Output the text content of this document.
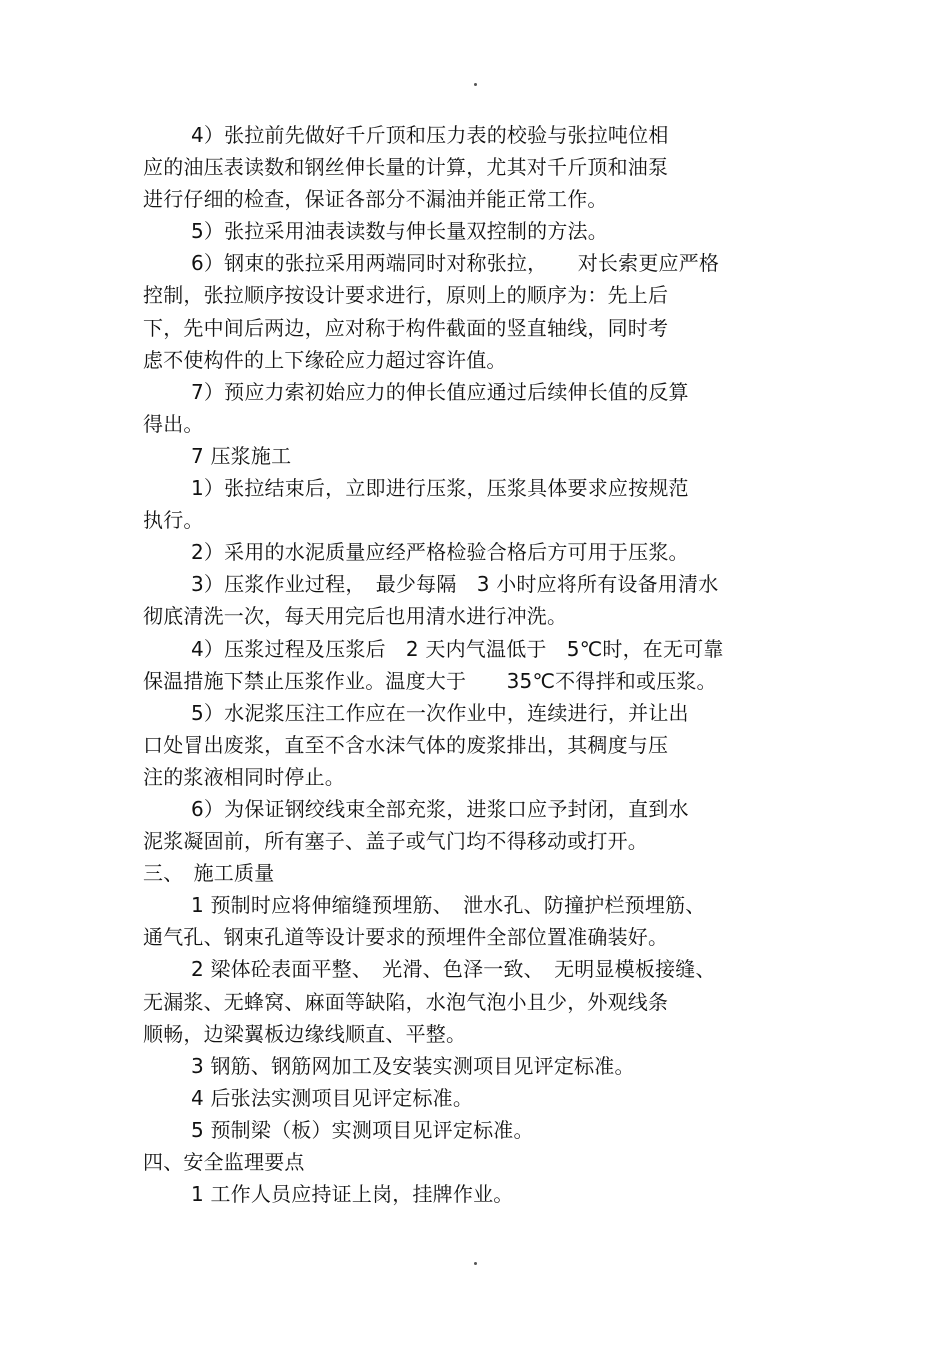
4）张拉前先做好千斤顶和压力表的校验与张拉吨位相
应的油压表读数和钢丝伸长量的计算，尤其对千斤顶和油泵
进行仔细的检查，保证各部分不漏油并能正常工作。
5）张拉采用油表读数与伸长量双控制的方法。
6）钢束的张拉采用两端同时对称张拉，　　对长索更应严格
控制，张拉顺序按设计要求进行，原则上的顺序为：先上后
下，先中间后两边，应对称于构件截面的竖直轴线，同时考
虑不使构件的上下缘砼应力超过容许值。
7）预应力索初始应力的伸长值应通过后续伸长值的反算
得出。
7 压浆施工
1）张拉结束后，立即进行压浆，压浆具体要求应按规范
执行。
2）采用的水泥质量应经严格检验合格后方可用于压浆。
3）压浆作业过程，　最少每隔　3 小时应将所有设备用清水
彻底清洗一次，每天用完后也用清水进行冲洗。
4）压浆过程及压浆后　2 天内气温低于　5℃时，在无可靠
保温措施下禁止压浆作业。温度大于　　35℃不得拌和或压浆。
5）水泥浆压注工作应在一次作业中，连续进行，并让出
口处冒出废浆，直至不含水沫气体的废浆排出，其稠度与压
注的浆液相同时停止。
6）为保证钢绞线束全部充浆，进浆口应予封闭，直到水
泥浆凝固前，所有塞子、盖子或气门均不得移动或打开。
三、　施工质量
1 预制时应将伸缩缝预埋筋、　泄水孔、防撞护栏预埋筋、
通气孔、钢束孔道等设计要求的预埋件全部位置准确装好。
2 梁体砼表面平整、　光滑、色泽一致、　无明显模板接缝、
无漏浆、无蜂窝、麻面等缺陷，水泡气泡小且少，外观线条
顺畅，边梁翼板边缘线顺直、平整。
3 钢筋、钢筋网加工及安装实测项目见评定标准。
4 后张法实测项目见评定标准。
5 预制梁（板）实测项目见评定标准。
四、安全监理要点
1 工作人员应持证上岗，挂牌作业。
